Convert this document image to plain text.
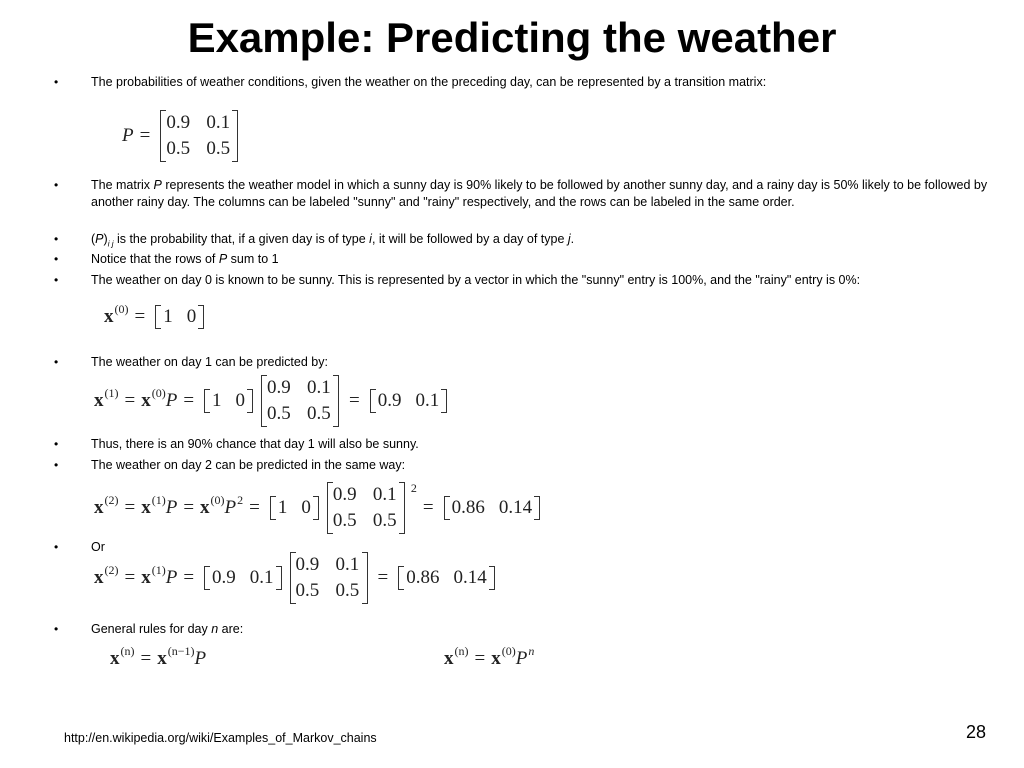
Example: Predicting the weather
•	The probabilities of weather conditions, given the weather on the preceding day, can be represented by a transition matrix:
P =
0.9 0.1
0.5 0.5
•	The matrix P represents the weather model in which a sunny day is 90% likely to be followed by another sunny day, and a rainy day is 50% likely to be followed by another rainy day. The columns can be labeled "sunny" and "rainy" respectively, and the rows can be labeled in the same order.
•	$(P)_{i j}$ is the probability that, if a given day is of type i, it will be followed by a day of type j.
•	Notice that the rows of P sum to 1
•	The weather on day 0 is known to be sunny. This is represented by a vector in which the "sunny" entry is 100%, and the "rainy" entry is 0%:
x (0) = 1 0
•	The weather on day 1 can be predicted by:
x (1) = x (0) P = 1 0
0.9 0.1
0.5 0.5
= 0.9 0.1
•	Thus, there is an 90% chance that day 1 will also be sunny.
•	The weather on day 2 can be predicted in the same way:
x (2) = x (1) P = x (0) P 2 = 1 0
0.9 0.1
0.5 0.5
2
= 0.86 0.14
•	Or
x (2) = x (1) P = 0.9 0.1
0.9 0.1
0.5 0.5
= 0.86 0.14
•	General rules for day n are:
x (n) = x (n−1) P	x (n) = x (0) P n
http://en.wikipedia.org/wiki/Examples_of_Markov_chains	28
